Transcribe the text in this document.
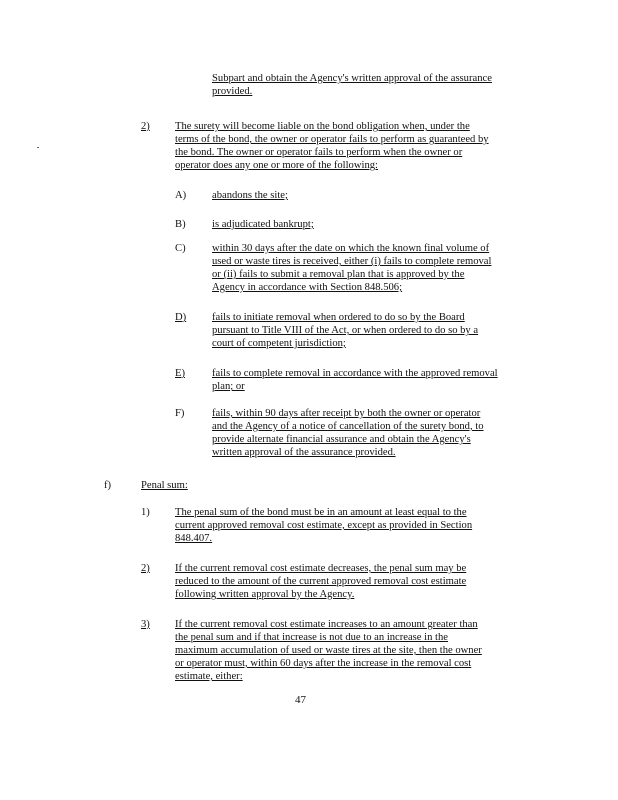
Subpart and obtain the Agency's written approval of the assurance
provided.
2) The surety will become liable on the bond obligation when, under the
terms of the bond, the owner or operator fails to perform as guaranteed by
the bond. The owner or operator fails to perform when the owner or
operator does any one or more of the following:
A) abandons the site;
B) is adjudicated bankrupt;
C) within 30 days after the date on which the known final volume of
used or waste tires is received, either (i) fails to complete removal
or (ii) fails to submit a removal plan that is approved by the
Agency in accordance with Section 848.506;
D) fails to initiate removal when ordered to do so by the Board
pursuant to Title VIII of the Act, or when ordered to do so by a
court of competent jurisdiction;
E)	fails to complete removal in accordance with the approved removal
plan; or
F)	fails, within 90 days after receipt by both the owner or operator
and the Agency of a notice of cancellation of the surety bond, to
provide alternate financial assurance and obtain the Agency's
written approval of the assurance provided.
f)	Penal sum:
1) The penal sum of the bond must be in an amount at least equal to the
current approved removal cost estimate, except as provided in Section
848.407.
2) If the current removal cost estimate decreases, the penal sum may be
reduced to the amount of the current approved removal cost estimate
following written approval by the Agency.
3) If the current removal cost estimate increases to an amount greater than
the penal sum and if that increase is not due to an increase in the
maximum accumulation of used or waste tires at the site, then the owner
or operator must, within 60 days after the increase in the removal cost
estimate, either:
47
